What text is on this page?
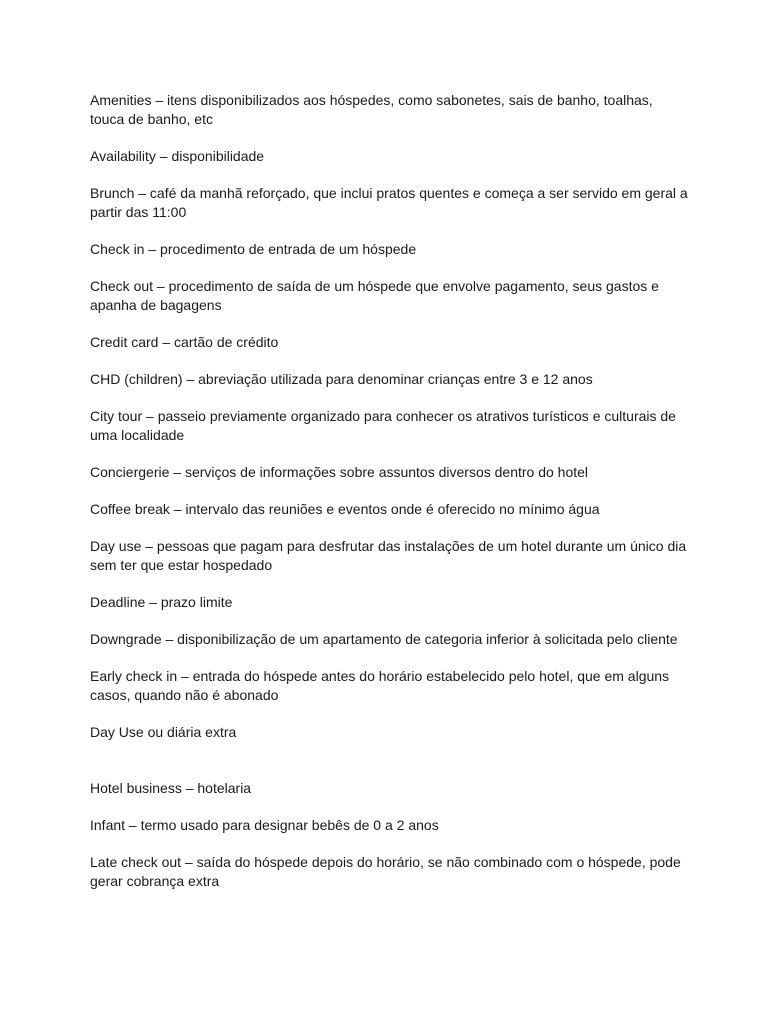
Amenities – itens disponibilizados aos hóspedes, como sabonetes, sais de banho, toalhas, touca de banho, etc
Availability – disponibilidade
Brunch – café da manhã reforçado, que inclui pratos quentes e começa a ser servido em geral a partir das 11:00
Check in – procedimento de entrada de um hóspede
Check out – procedimento de saída de um hóspede que envolve pagamento, seus gastos e apanha de bagagens
Credit card – cartão de crédito
CHD (children) – abreviação utilizada para denominar crianças entre 3 e 12 anos
City tour – passeio previamente organizado para conhecer os atrativos turísticos e culturais de uma localidade
Conciergerie – serviços de informações sobre assuntos diversos dentro do hotel
Coffee break – intervalo das reuniões e eventos onde é oferecido no mínimo água
Day use – pessoas que pagam para desfrutar das instalações de um hotel durante um único dia sem ter que estar hospedado
Deadline – prazo limite
Downgrade – disponibilização de um apartamento de categoria inferior à solicitada pelo cliente
Early check in – entrada do hóspede antes do horário estabelecido pelo hotel, que em alguns casos, quando não é abonado
Day Use ou diária extra
Hotel business – hotelaria
Infant – termo usado para designar bebês de 0 a 2 anos
Late check out – saída do hóspede depois do horário, se não combinado com o hóspede, pode gerar cobrança extra
